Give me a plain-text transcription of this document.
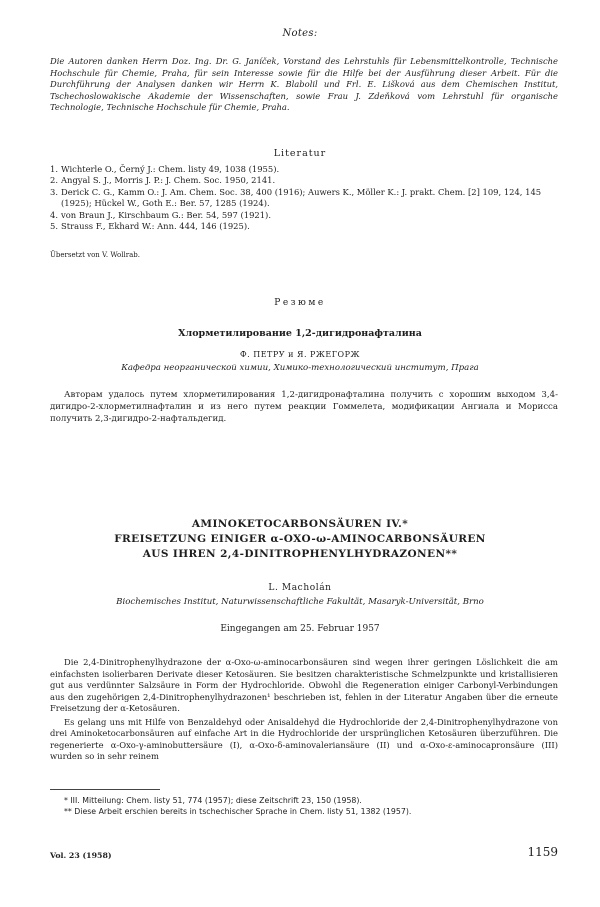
Notes:
Die Autoren danken Herrn Doz. Ing. Dr. G. Janíček, Vorstand des Lehrstuhls für Lebensmittelkontrolle, Technische Hochschule für Chemie, Praha, für sein Interesse sowie für die Hilfe bei der Ausführung dieser Arbeit. Für die Durchführung der Analysen danken wir Herrn K. Blabolil und Frl. E. Lišková aus dem Chemischen Institut, Tschechoslowakische Akademie der Wissenschaften, sowie Frau J. Zdeňková vom Lehrstuhl für organische Technologie, Technische Hochschule für Chemie, Praha.
Literatur
1. Wichterle O., Černý J.: Chem. listy 49, 1038 (1955).
2. Angyal S. J., Morris J. P.: J. Chem. Soc. 1950, 2141.
3. Derick C. G., Kamm O.: J. Am. Chem. Soc. 38, 400 (1916); Auwers K., Möller K.: J. prakt. Chem. [2] 109, 124, 145 (1925); Hückel W., Goth E.: Ber. 57, 1285 (1924).
4. von Braun J., Kirschbaum G.: Ber. 54, 597 (1921).
5. Strauss F., Ekhard W.: Ann. 444, 146 (1925).
Übersetzt von V. Wollrab.
Резюме
Хлорметилирование 1,2-дигидронафталина
Ф. ПЕТРУ и Я. РЖЕГОРЖ
Кафедра неорганической химии, Химико-технологический институт, Прага

Авторам удалось путем хлорметилирования 1,2-дигидронафталина получить с хорошим выходом 3,4-дигидро-2-хлорметилнафталин и из него путем реакции Гоммелета, модификации Ангиала и Морисса получить 2,3-дигидро-2-нафтальдегид.

AMINOKETOCARBONSÄUREN IV.*
FREISETZUNG EINIGER α-OXO-ω-AMINOCARBONSÄUREN
AUS IHREN 2,4-DINITROPHENYLHYDRAZONEN**
L. Macholán
Biochemisches Institut, Naturwissenschaftliche Fakultät, Masaryk-Universität, Brno
Eingegangen am 25. Februar 1957

Die 2,4-Dinitrophenylhydrazone der α-Oxo-ω-aminocarbonsäuren sind wegen ihrer geringen Löslichkeit die am einfachsten isolierbaren Derivate dieser Ketosäuren. Sie besitzen charakteristische Schmelzpunkte und kristallisieren gut aus verdünnter Salzsäure in Form der Hydrochloride. Obwohl die Regeneration einiger Carbonyl-Verbindungen aus den zugehörigen 2,4-Dinitrophenylhydrazonen¹ beschrieben ist, fehlen in der Literatur Angaben über die erneute Freisetzung der α-Ketosäuren.

Es gelang uns mit Hilfe von Benzaldehyd oder Anisaldehyd die Hydrochloride der 2,4-Dinitrophenylhydrazone von drei Aminoketocarbonsäuren auf einfache Art in die Hydrochloride der ursprünglichen Ketosäuren überzuführen. Die regenerierte α-Oxo-γ-aminobuttersäure (I), α-Oxo-δ-aminovaleriansäure (II) und α-Oxo-ε-aminocapronsäure (III) wurden so in sehr reinem

* III. Mitteilung: Chem. listy 51, 774 (1957); diese Zeitschrift 23, 150 (1958).
** Diese Arbeit erschien bereits in tschechischer Sprache in Chem. listy 51, 1382 (1957).
Vol. 23 (1958)	1159
